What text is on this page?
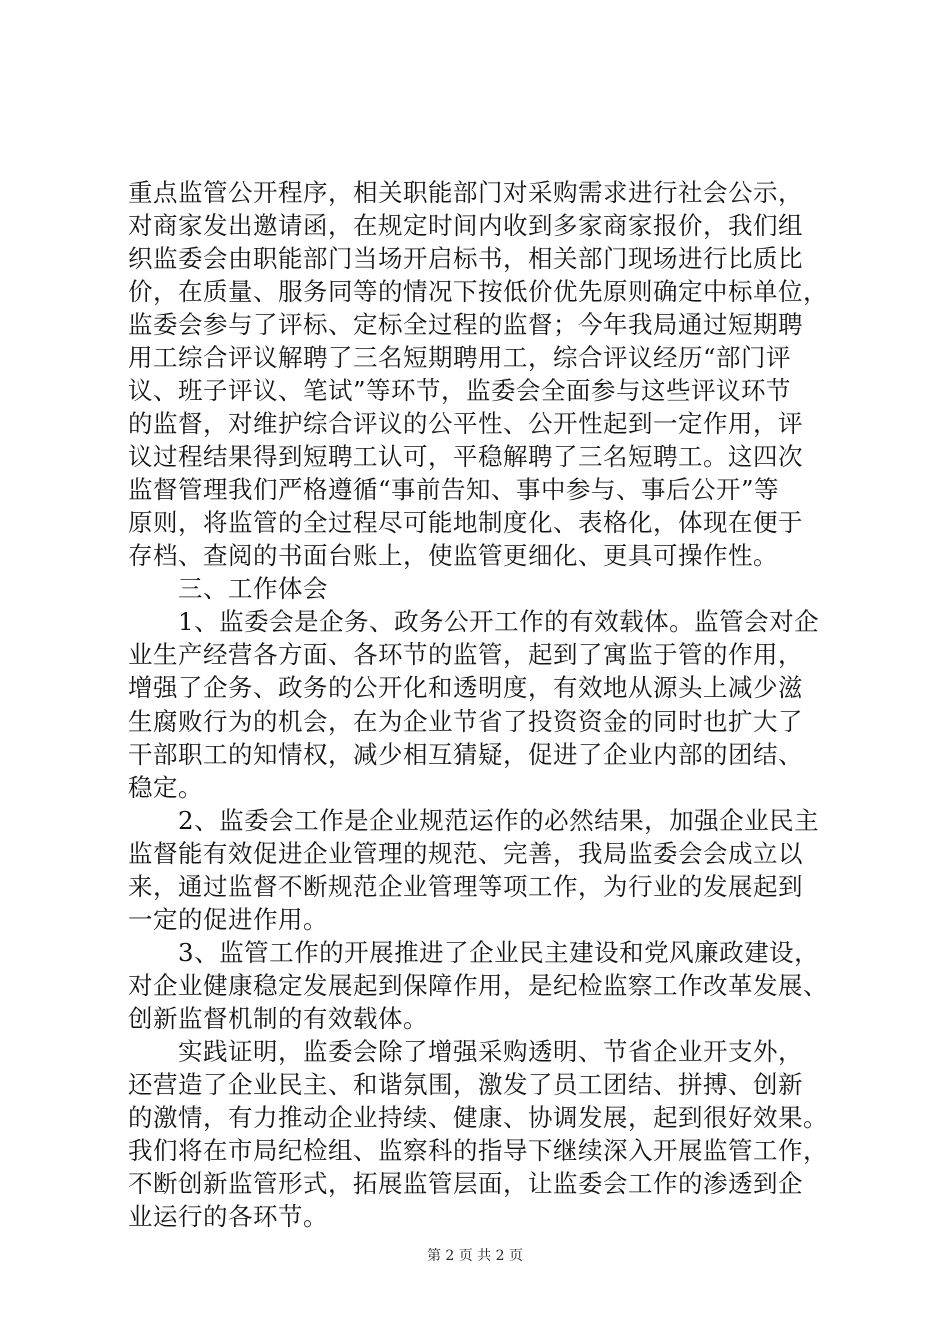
重点监管公开程序，相关职能部门对采购需求进行社会公示，
对商家发出邀请函，在规定时间内收到多家商家报价，我们组
织监委会由职能部门当场开启标书，相关部门现场进行比质比
价，在质量、服务同等的情况下按低价优先原则确定中标单位，
监委会参与了评标、定标全过程的监督；今年我局通过短期聘
用工综合评议解聘了三名短期聘用工，综合评议经历“部门评
议、班子评议、笔试”等环节，监委会全面参与这些评议环节
的监督，对维护综合评议的公平性、公开性起到一定作用，评
议过程结果得到短聘工认可，平稳解聘了三名短聘工。这四次
监督管理我们严格遵循“事前告知、事中参与、事后公开”等
原则，将监管的全过程尽可能地制度化、表格化，体现在便于
存档、查阅的书面台账上，使监管更细化、更具可操作性。
　　三、工作体会
　　1、监委会是企务、政务公开工作的有效载体。监管会对企
业生产经营各方面、各环节的监管，起到了寓监于管的作用，
增强了企务、政务的公开化和透明度，有效地从源头上减少滋
生腐败行为的机会，在为企业节省了投资资金的同时也扩大了
干部职工的知情权，减少相互猜疑，促进了企业内部的团结、
稳定。
　　2、监委会工作是企业规范运作的必然结果，加强企业民主
监督能有效促进企业管理的规范、完善，我局监委会会成立以
来，通过监督不断规范企业管理等项工作，为行业的发展起到
一定的促进作用。
　　3、监管工作的开展推进了企业民主建设和党风廉政建设，
对企业健康稳定发展起到保障作用，是纪检监察工作改革发展、
创新监督机制的有效载体。
　　实践证明，监委会除了增强采购透明、节省企业开支外，
还营造了企业民主、和谐氛围，激发了员工团结、拼搏、创新
的激情，有力推动企业持续、健康、协调发展，起到很好效果。
我们将在市局纪检组、监察科的指导下继续深入开展监管工作，
不断创新监管形式，拓展监管层面，让监委会工作的渗透到企
业运行的各环节。
第 2 页 共 2 页
